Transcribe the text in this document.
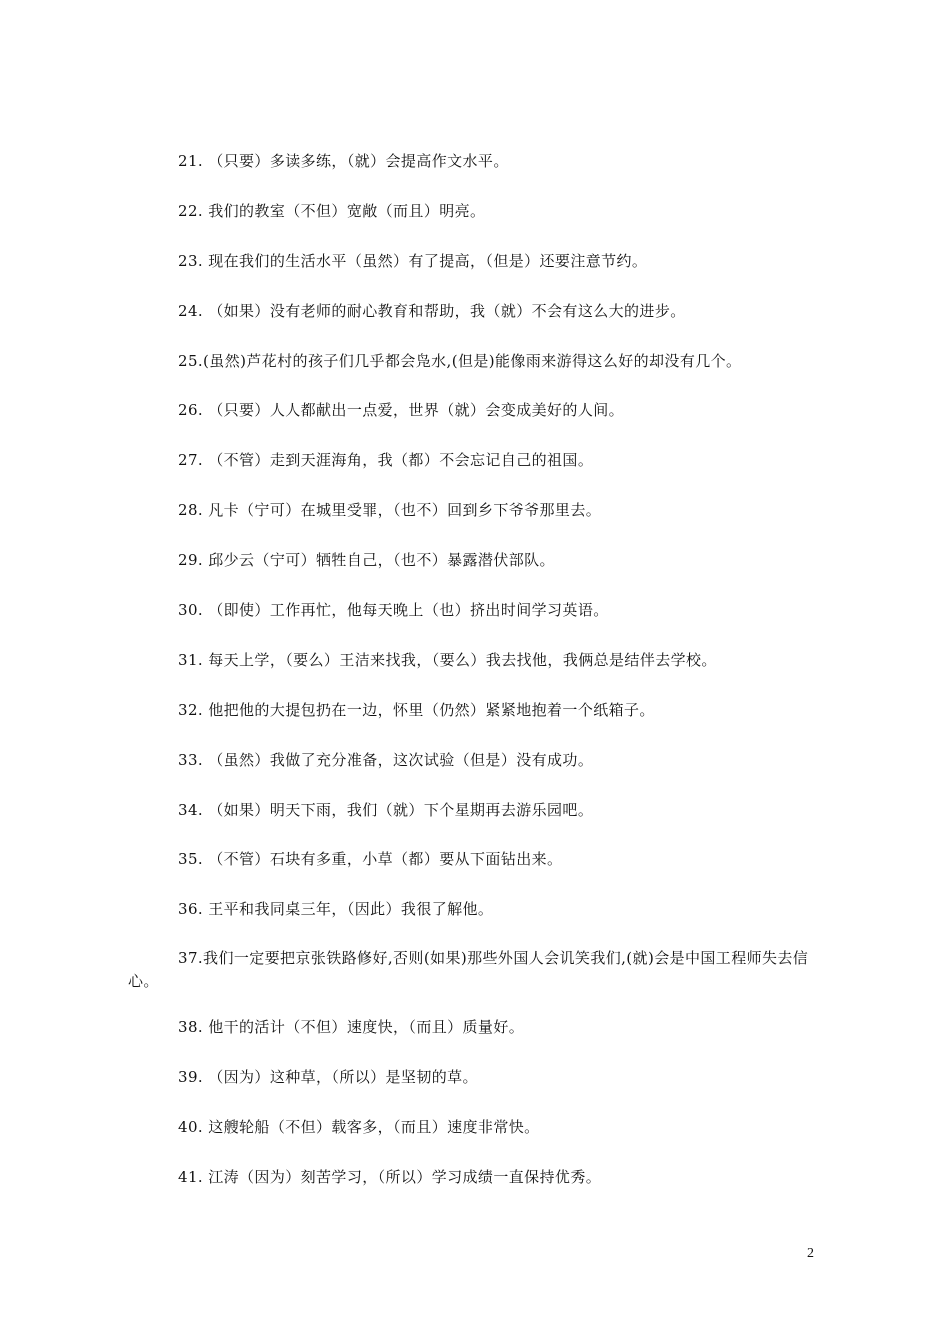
21. （只要）多读多练，（就）会提高作文水平。

22. 我们的教室（不但）宽敞（而且）明亮。

23. 现在我们的生活水平（虽然）有了提高，（但是）还要注意节约。

24. （如果）没有老师的耐心教育和帮助，我（就）不会有这么大的进步。

25.(虽然)芦花村的孩子们几乎都会凫水,(但是)能像雨来游得这么好的却没有几个。

26. （只要）人人都献出一点爱，世界（就）会变成美好的人间。

27. （不管）走到天涯海角，我（都）不会忘记自己的祖国。

28. 凡卡（宁可）在城里受罪，（也不）回到乡下爷爷那里去。

29. 邱少云（宁可）牺牲自己，（也不）暴露潜伏部队。

30. （即使）工作再忙，他每天晚上（也）挤出时间学习英语。

31. 每天上学，（要么）王洁来找我，（要么）我去找他，我俩总是结伴去学校。

32. 他把他的大提包扔在一边，怀里（仍然）紧紧地抱着一个纸箱子。

33. （虽然）我做了充分准备，这次试验（但是）没有成功。

34. （如果）明天下雨，我们（就）下个星期再去游乐园吧。

35. （不管）石块有多重，小草（都）要从下面钻出来。

36. 王平和我同桌三年，（因此）我很了解他。

37.我们一定要把京张铁路修好,否则(如果)那些外国人会讥笑我们,(就)会是中国工程师失去信心。

38. 他干的活计（不但）速度快，（而且）质量好。

39. （因为）这种草，（所以）是坚韧的草。

40. 这艘轮船（不但）载客多，（而且）速度非常快。

41. 江涛（因为）刻苦学习，（所以）学习成绩一直保持优秀。

2
